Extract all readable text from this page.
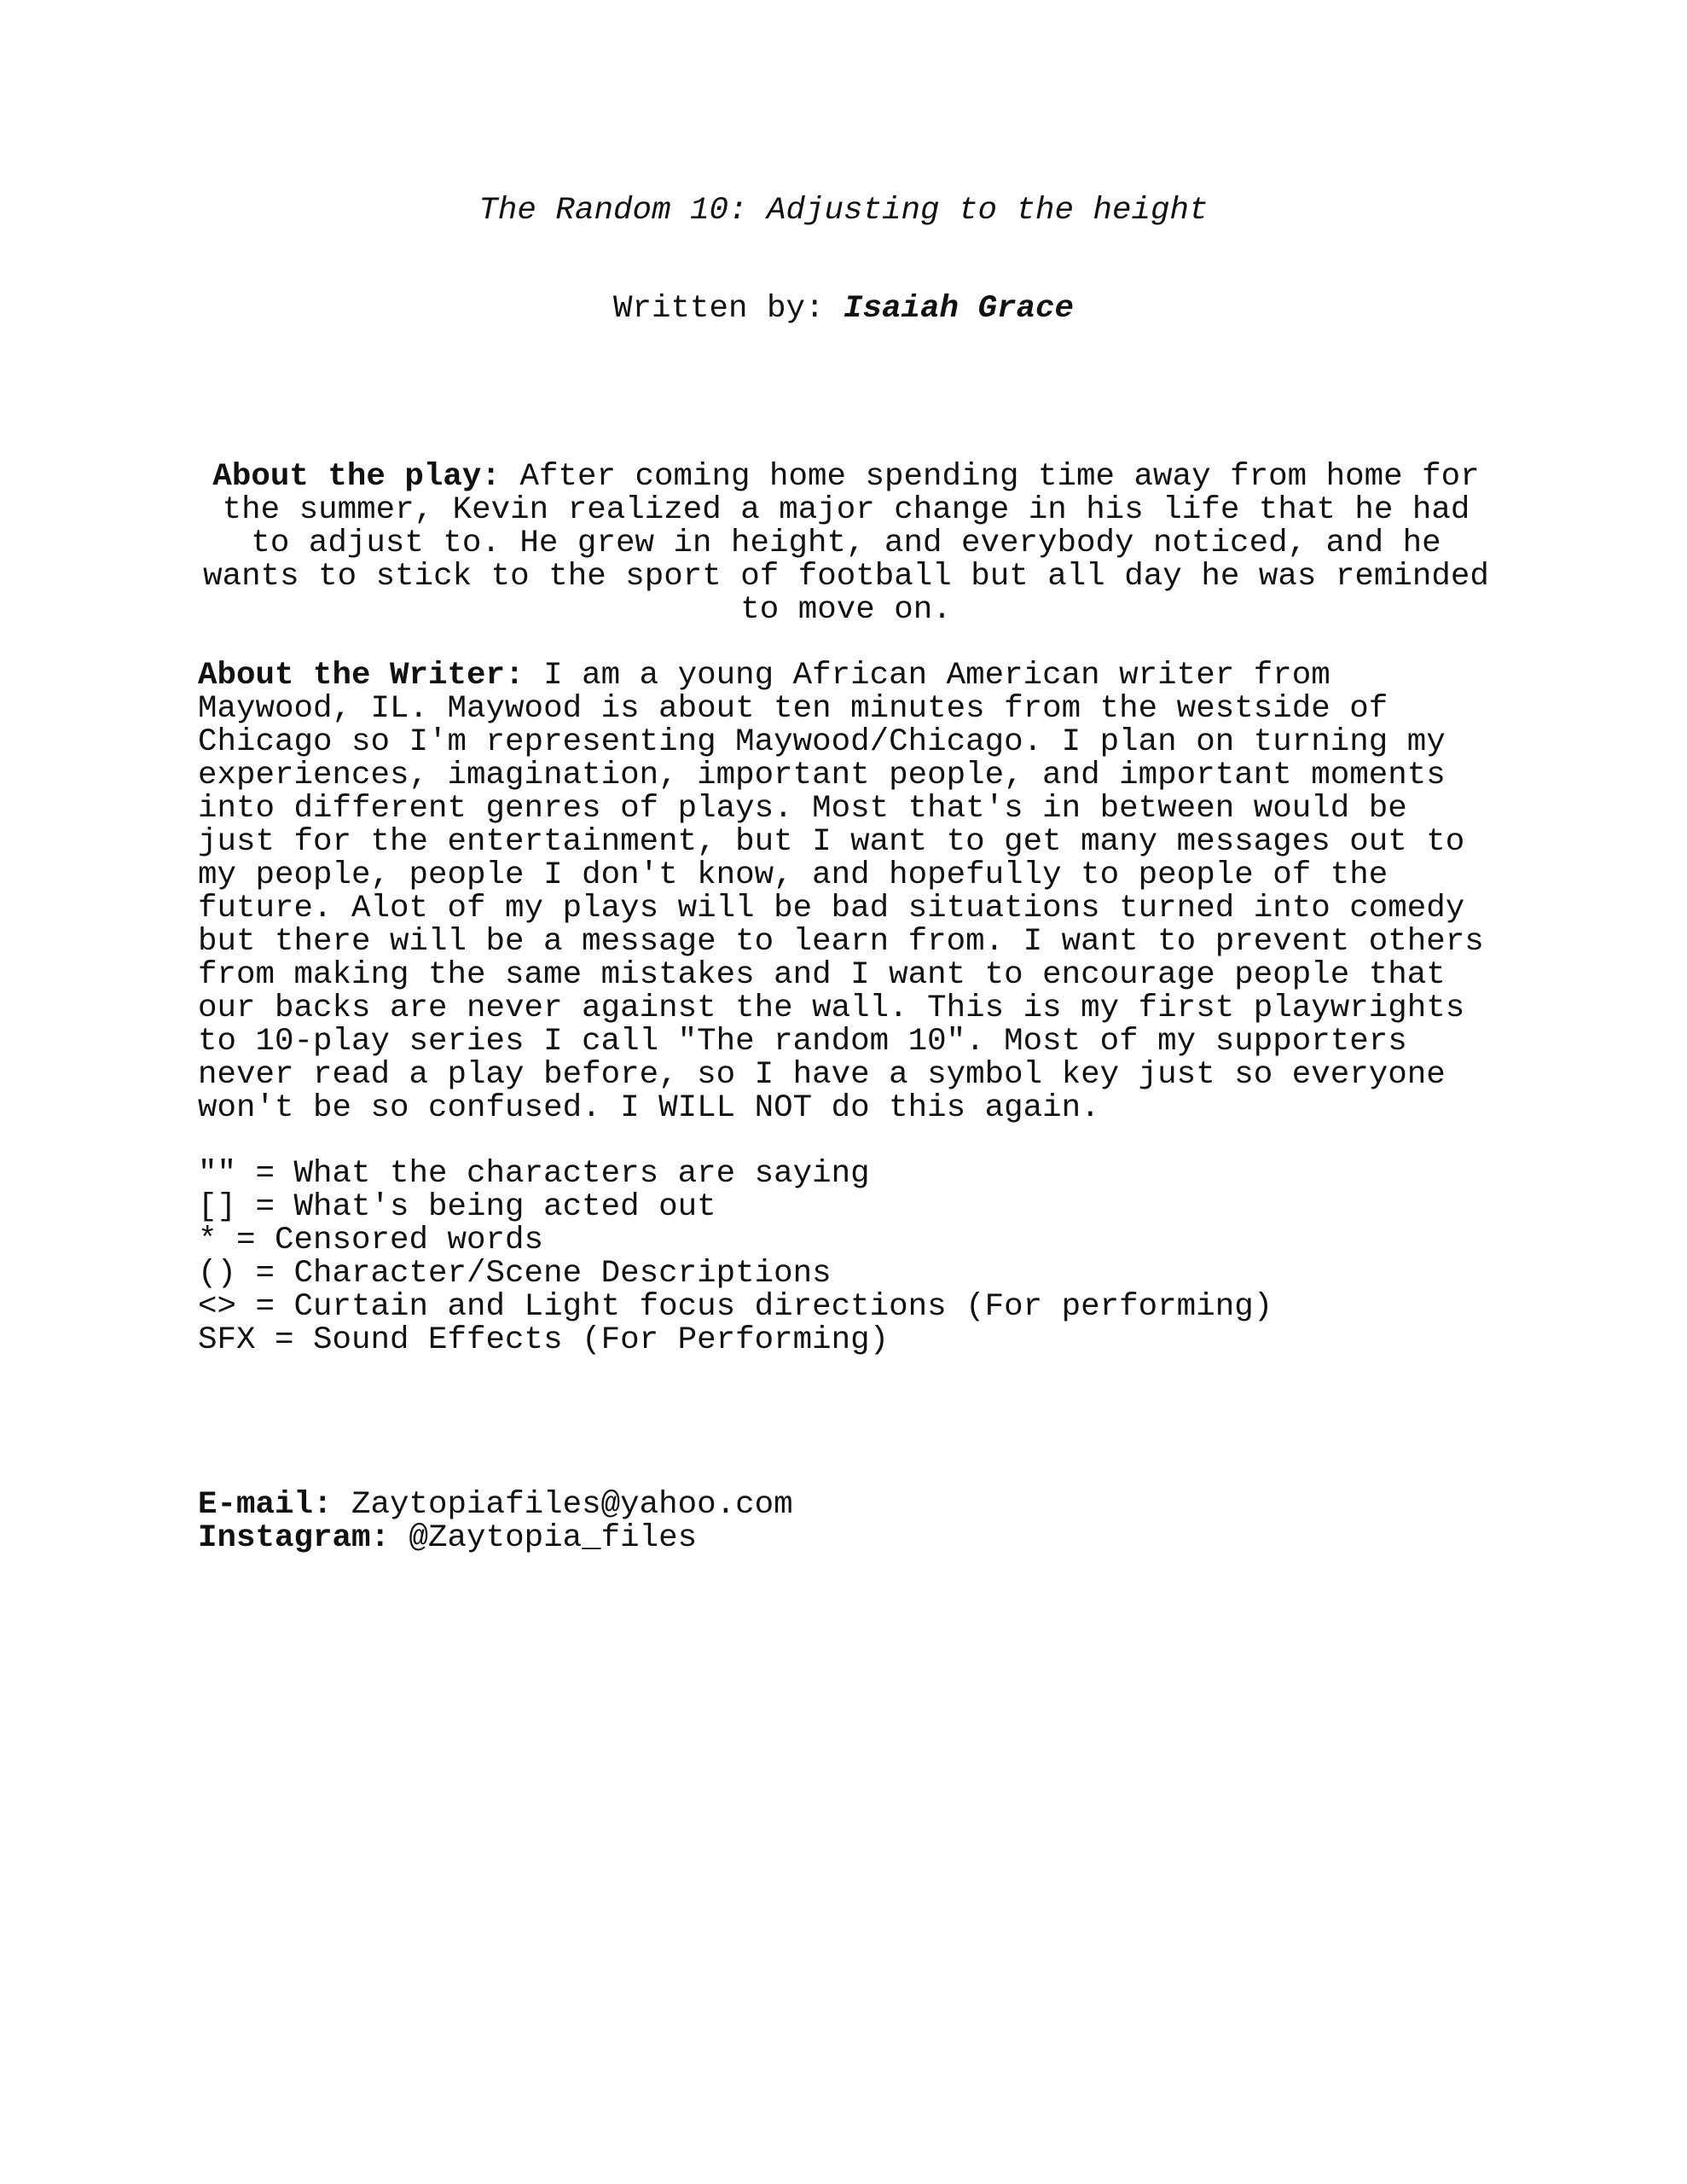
The Random 10: Adjusting to the height
Written by: Isaiah Grace
About the play: After coming home spending time away from home for
the summer, Kevin realized a major change in his life that he had
to adjust to. He grew in height, and everybody noticed, and he
wants to stick to the sport of football but all day he was reminded
to move on.
About the Writer: I am a young African American writer from
Maywood, IL. Maywood is about ten minutes from the westside of
Chicago so I'm representing Maywood/Chicago. I plan on turning my
experiences, imagination, important people, and important moments
into different genres of plays. Most that's in between would be
just for the entertainment, but I want to get many messages out to
my people, people I don't know, and hopefully to people of the
future. Alot of my plays will be bad situations turned into comedy
but there will be a message to learn from. I want to prevent others
from making the same mistakes and I want to encourage people that
our backs are never against the wall. This is my first playwrights
to 10-play series I call "The random 10". Most of my supporters
never read a play before, so I have a symbol key just so everyone
won't be so confused. I WILL NOT do this again.
"" = What the characters are saying
[] = What's being acted out
* = Censored words
() = Character/Scene Descriptions
<> = Curtain and Light focus directions (For performing)
SFX = Sound Effects (For Performing)
E-mail: Zaytopiafiles@yahoo.com
Instagram: @Zaytopia_files
